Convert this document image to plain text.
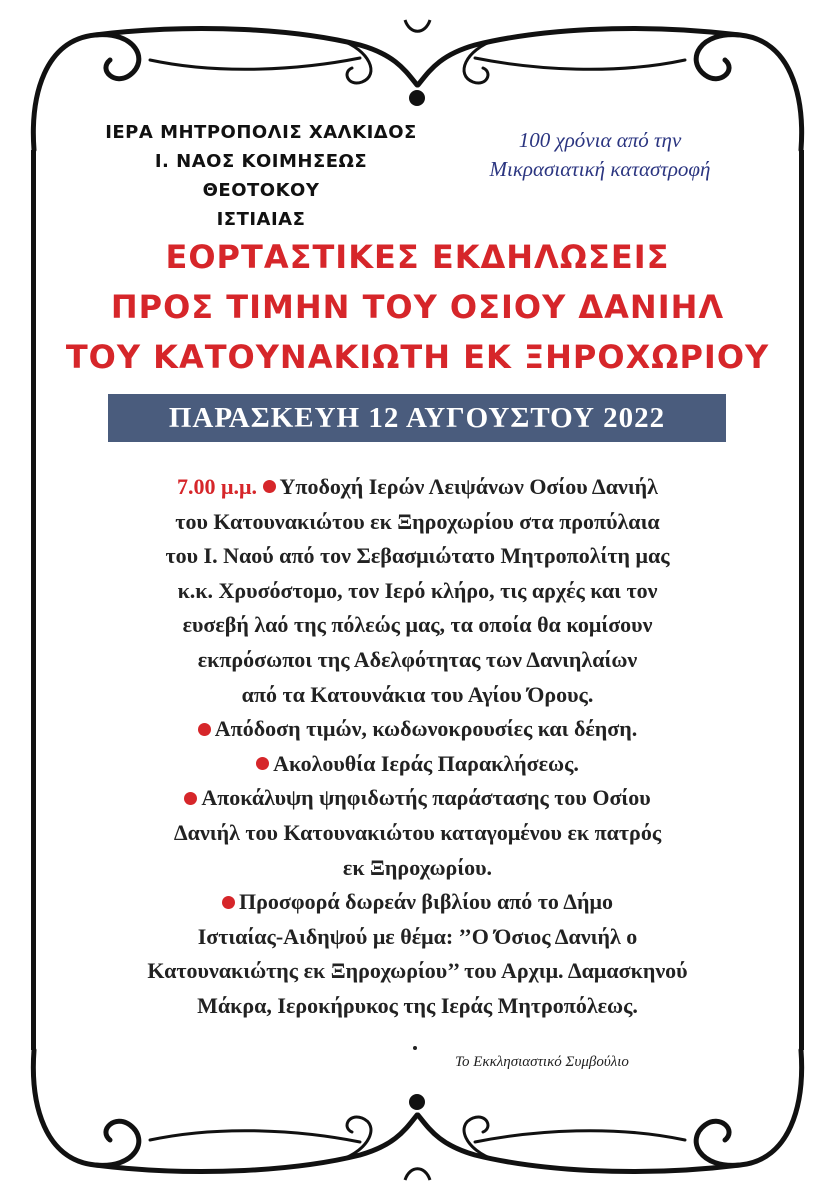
ΙΕΡΑ ΜΗΤΡΟΠΟΛΙΣ ΧΑΛΚΙΔΟΣ
Ι. ΝΑΟΣ ΚΟΙΜΗΣΕΩΣ ΘΕΟΤΟΚΟΥ
ΙΣΤΙΑΙΑΣ
100 χρόνια από την
Μικρασιατική καταστροφή
ΕΟΡΤΑΣΤΙΚΕΣ ΕΚΔΗΛΩΣΕΙΣ
ΠΡΟΣ ΤΙΜΗΝ ΤΟΥ ΟΣΙΟΥ ΔΑΝΙΗΛ
ΤΟΥ ΚΑΤΟΥΝΑΚΙΩΤΗ ΕΚ ΞΗΡΟΧΩΡΙΟΥ
ΠΑΡΑΣΚΕΥΗ 12 ΑΥΓΟΥΣΤΟΥ 2022
7.00 μ.μ. Υποδοχή Ιερών Λειψάνων Οσίου Δανιήλ
του Κατουνακιώτου εκ Ξηροχωρίου στα προπύλαια
του Ι. Ναού από τον Σεβασμιώτατο Μητροπολίτη μας
κ.κ. Χρυσόστομο, τον Ιερό κλήρο, τις αρχές και τον
ευσεβή λαό της πόλεώς μας, τα οποία θα κομίσουν
εκπρόσωποι της Αδελφότητας των Δανιηλαίων
από τα Κατουνάκια του Αγίου Όρους.
Απόδοση τιμών, κωδωνοκρουσίες και δέηση.
Ακολουθία Ιεράς Παρακλήσεως.
Αποκάλυψη ψηφιδωτής παράστασης του Οσίου
Δανιήλ του Κατουνακιώτου καταγομένου εκ πατρός
εκ Ξηροχωρίου.
Προσφορά δωρεάν βιβλίου από το Δήμο
Ιστιαίας-Αιδηψού με θέμα: ’’Ο Όσιος Δανιήλ ο
Κατουνακιώτης εκ Ξηροχωρίου’’ του Αρχιμ. Δαμασκηνού
Μάκρα, Ιεροκήρυκος της Ιεράς Μητροπόλεως.
Το Εκκλησιαστικό Συμβούλιο
